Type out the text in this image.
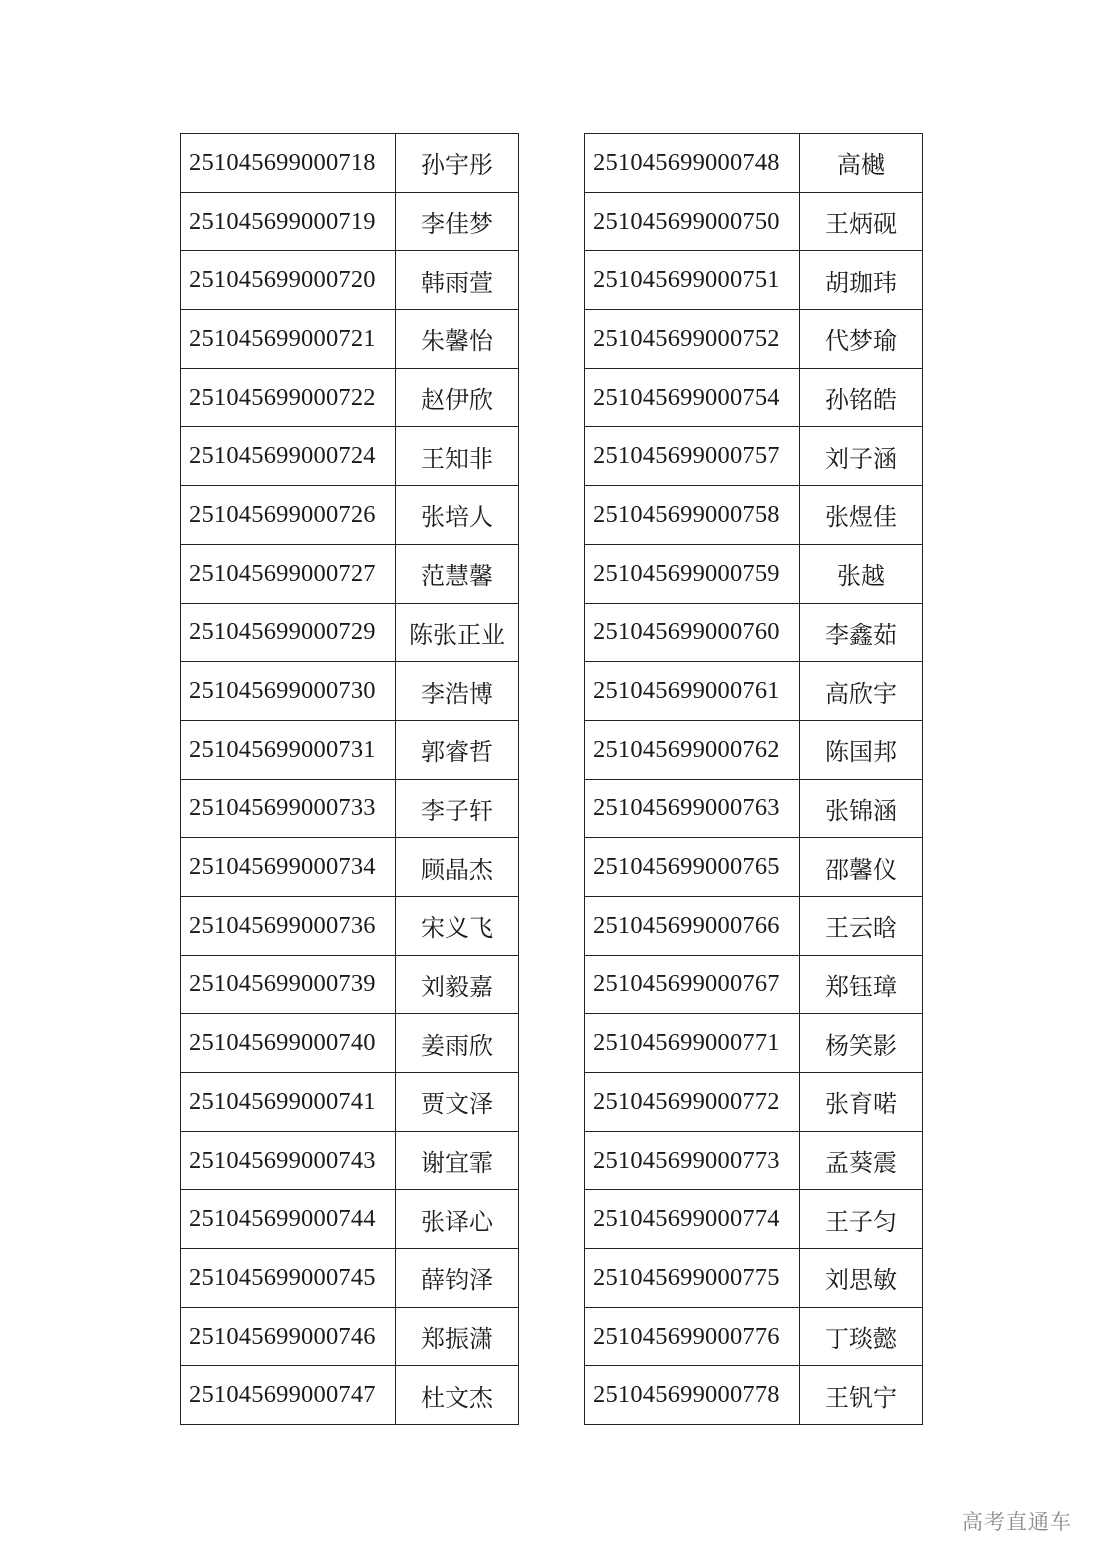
251045699000718	孙宇彤
251045699000719	李佳梦
251045699000720	韩雨萱
251045699000721	朱馨怡
251045699000722	赵伊欣
251045699000724	王知非
251045699000726	张培人
251045699000727	范慧馨
251045699000729	陈张正业
251045699000730	李浩博
251045699000731	郭睿哲
251045699000733	李子轩
251045699000734	顾晶杰
251045699000736	宋义飞
251045699000739	刘毅嘉
251045699000740	姜雨欣
251045699000741	贾文泽
251045699000743	谢宜霏
251045699000744	张译心
251045699000745	薛钧泽
251045699000746	郑振潇
251045699000747	杜文杰
251045699000748	高樾
251045699000750	王炳砚
251045699000751	胡珈玮
251045699000752	代梦瑜
251045699000754	孙铭皓
251045699000757	刘子涵
251045699000758	张煜佳
251045699000759	张越
251045699000760	李鑫茹
251045699000761	高欣宇
251045699000762	陈国邦
251045699000763	张锦涵
251045699000765	邵馨仪
251045699000766	王云晗
251045699000767	郑钰璋
251045699000771	杨笑影
251045699000772	张育喏
251045699000773	孟葵震
251045699000774	王子匀
251045699000775	刘思敏
251045699000776	丁琰懿
251045699000778	王钒宁
高考直通车
